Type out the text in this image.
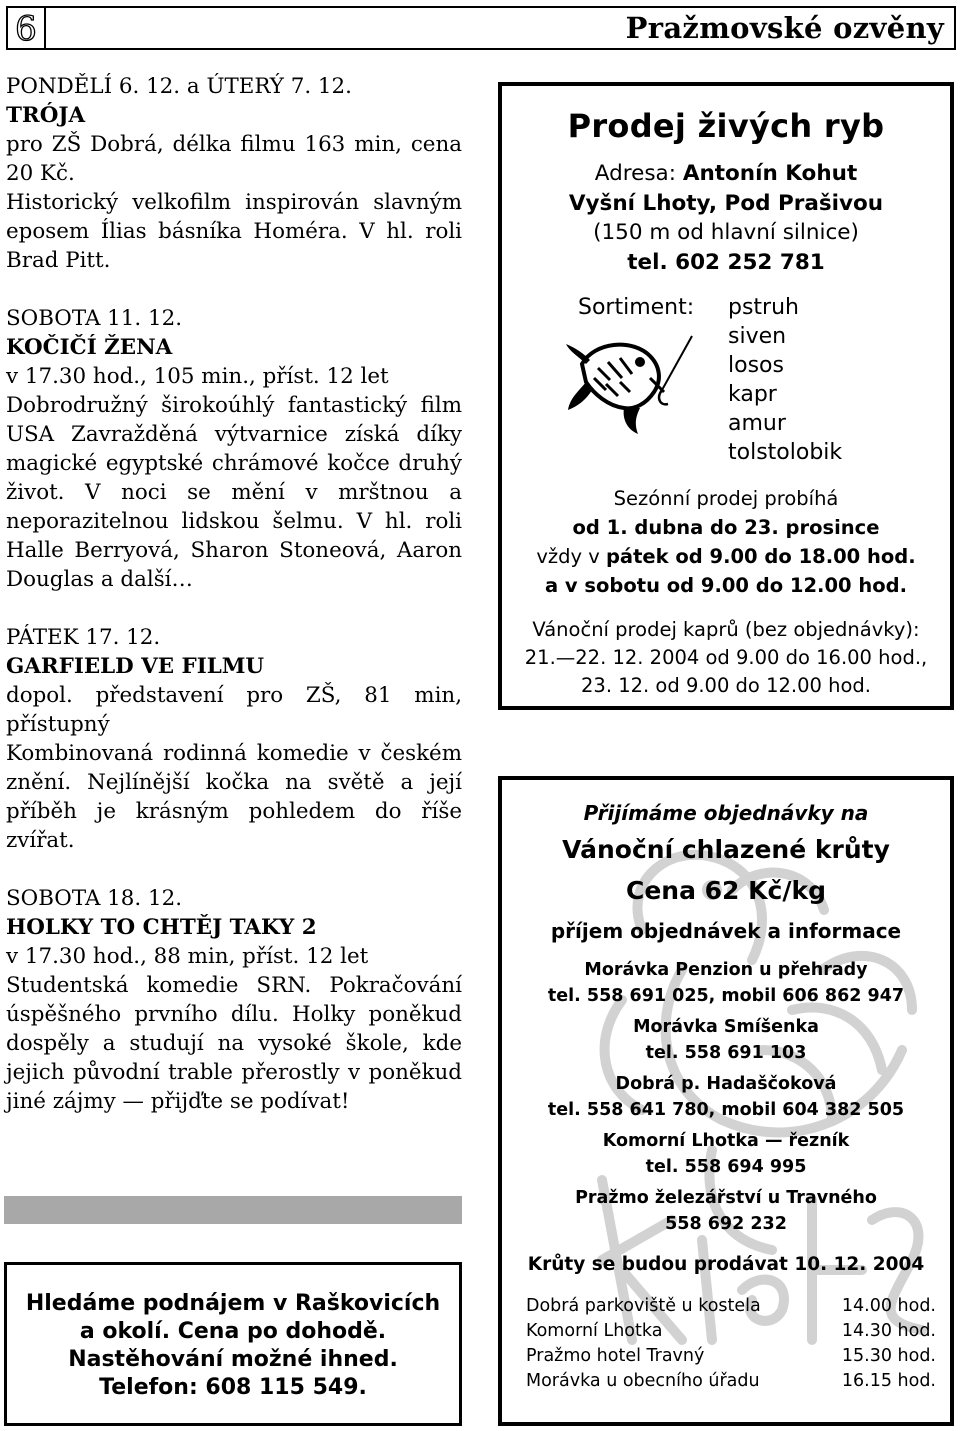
6	Pražmovské ozvěny
PONDĚLÍ 6. 12. a ÚTERÝ 7. 12.
TRÓJA

pro ZŠ Dobrá, délka filmu 163 min, cena 20 Kč.

Historický velkofilm inspirován slavným eposem Ílias básníka Homéra. V hl. roli Brad Pitt.

SOBOTA 11. 12.
KOČIČÍ ŽENA

v 17.30 hod., 105 min., příst. 12 let

Dobrodružný širokoúhlý fantastický film USA Zavražděná výtvarnice získá díky magické egyptské chrámové kočce druhý život. V noci se mění v mrštnou a neporazitelnou lidskou šelmu. V hl. roli Halle Berryová, Sharon Stoneová, Aaron Douglas a další…

PÁTEK 17. 12.
GARFIELD VE FILMU

dopol. představení pro ZŠ, 81 min, přístupný

Kombinovaná rodinná komedie v českém znění. Nejlínější kočka na světě a její příběh je krásným pohledem do říše zvířat.

SOBOTA 18. 12.
HOLKY TO CHTĚJ TAKY 2

v 17.30 hod., 88 min, příst. 12 let

Studentská komedie SRN. Pokračování úspěšného prvního dílu. Holky poněkud dospěly a studují na vysoké škole, kde jejich původní trable přerostly v poněkud jiné zájmy — přijďte se podívat!

Hledáme podnájem v Raškovicích
a okolí. Cena po dohodě.
Nastěhování možné ihned.
Telefon: 608 115 549.
Prodej živých ryb
Adresa: Antonín Kohut
Vyšní Lhoty, Pod Prašivou
(150 m od hlavní silnice)
tel. 602 252 781
Sortiment: pstruh
siven
losos
kapr
amur
tolstolobik
Sezónní prodej probíhá
od 1. dubna do 23. prosince
vždy v pátek od 9.00 do 18.00 hod.
a v sobotu od 9.00 do 12.00 hod.
Vánoční prodej kaprů (bez objednávky):
21.—22. 12. 2004 od 9.00 do 16.00 hod.,
23. 12. od 9.00 do 12.00 hod.
Přijímáme objednávky na
Vánoční chlazené krůty
Cena 62 Kč/kg
příjem objednávek a informace
Morávka Penzion u přehrady
tel. 558 691 025, mobil 606 862 947
Morávka Smíšenka
tel. 558 691 103
Dobrá p. Hadaščoková
tel. 558 641 780, mobil 604 382 505
Komorní Lhotka — řezník
tel. 558 694 995
Pražmo železářství u Travného
558 692 232
Krůty se budou prodávat 10. 12. 2004
Dobrá parkoviště u kostela	14.00 hod.
Komorní Lhotka	14.30 hod.
Pražmo hotel Travný	15.30 hod.
Morávka u obecního úřadu	16.15 hod.
